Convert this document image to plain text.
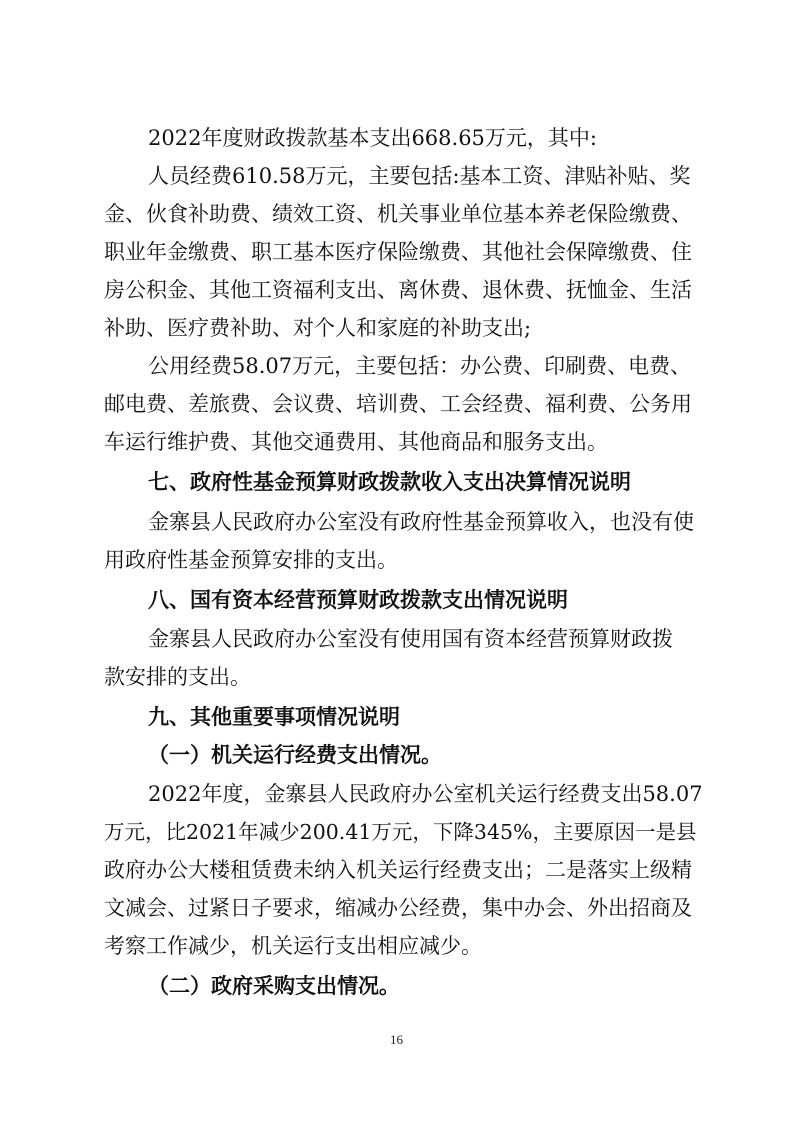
2022年度财政拨款基本支出668.65万元，其中:
人员经费610.58万元，主要包括:基本工资、津贴补贴、奖
金、伙食补助费、绩效工资、机关事业单位基本养老保险缴费、
职业年金缴费、职工基本医疗保险缴费、其他社会保障缴费、住
房公积金、其他工资福利支出、离休费、退休费、抚恤金、生活
补助、医疗费补助、对个人和家庭的补助支出;
公用经费58.07万元，主要包括：办公费、印刷费、电费、
邮电费、差旅费、会议费、培训费、工会经费、福利费、公务用
车运行维护费、其他交通费用、其他商品和服务支出。
七、政府性基金预算财政拨款收入支出决算情况说明
金寨县人民政府办公室没有政府性基金预算收入，也没有使
用政府性基金预算安排的支出。
八、国有资本经营预算财政拨款支出情况说明
金寨县人民政府办公室没有使用国有资本经营预算财政拨
款安排的支出。
九、其他重要事项情况说明
（一）机关运行经费支出情况。
2022年度，金寨县人民政府办公室机关运行经费支出58.07
万元，比2021年减少200.41万元，下降345%，主要原因一是县
政府办公大楼租赁费未纳入机关运行经费支出；二是落实上级精
文减会、过紧日子要求，缩减办公经费，集中办会、外出招商及
考察工作减少，机关运行支出相应减少。
（二）政府采购支出情况。
16
